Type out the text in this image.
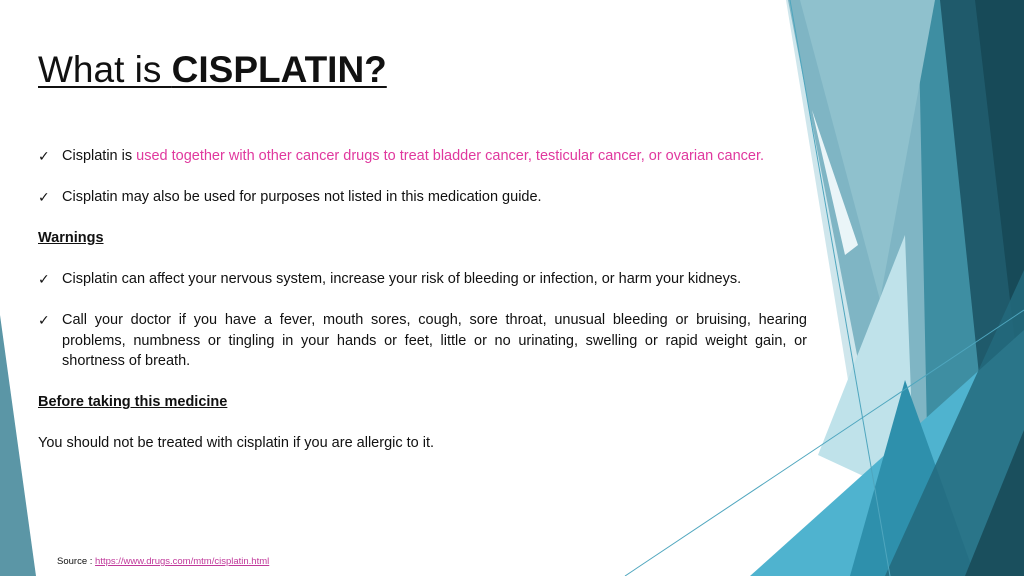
What is CISPLATIN?
✓ Cisplatin is used together with other cancer drugs to treat bladder cancer, testicular cancer, or ovarian cancer.
✓ Cisplatin may also be used for purposes not listed in this medication guide.
Warnings
✓ Cisplatin can affect your nervous system, increase your risk of bleeding or infection, or harm your kidneys.
✓ Call your doctor if you have a fever, mouth sores, cough, sore throat, unusual bleeding or bruising, hearing problems, numbness or tingling in your hands or feet, little or no urinating, swelling or rapid weight gain, or shortness of breath.
Before taking this medicine
You should not be treated with cisplatin if you are allergic to it.
Source : https://www.drugs.com/mtm/cisplatin.html
